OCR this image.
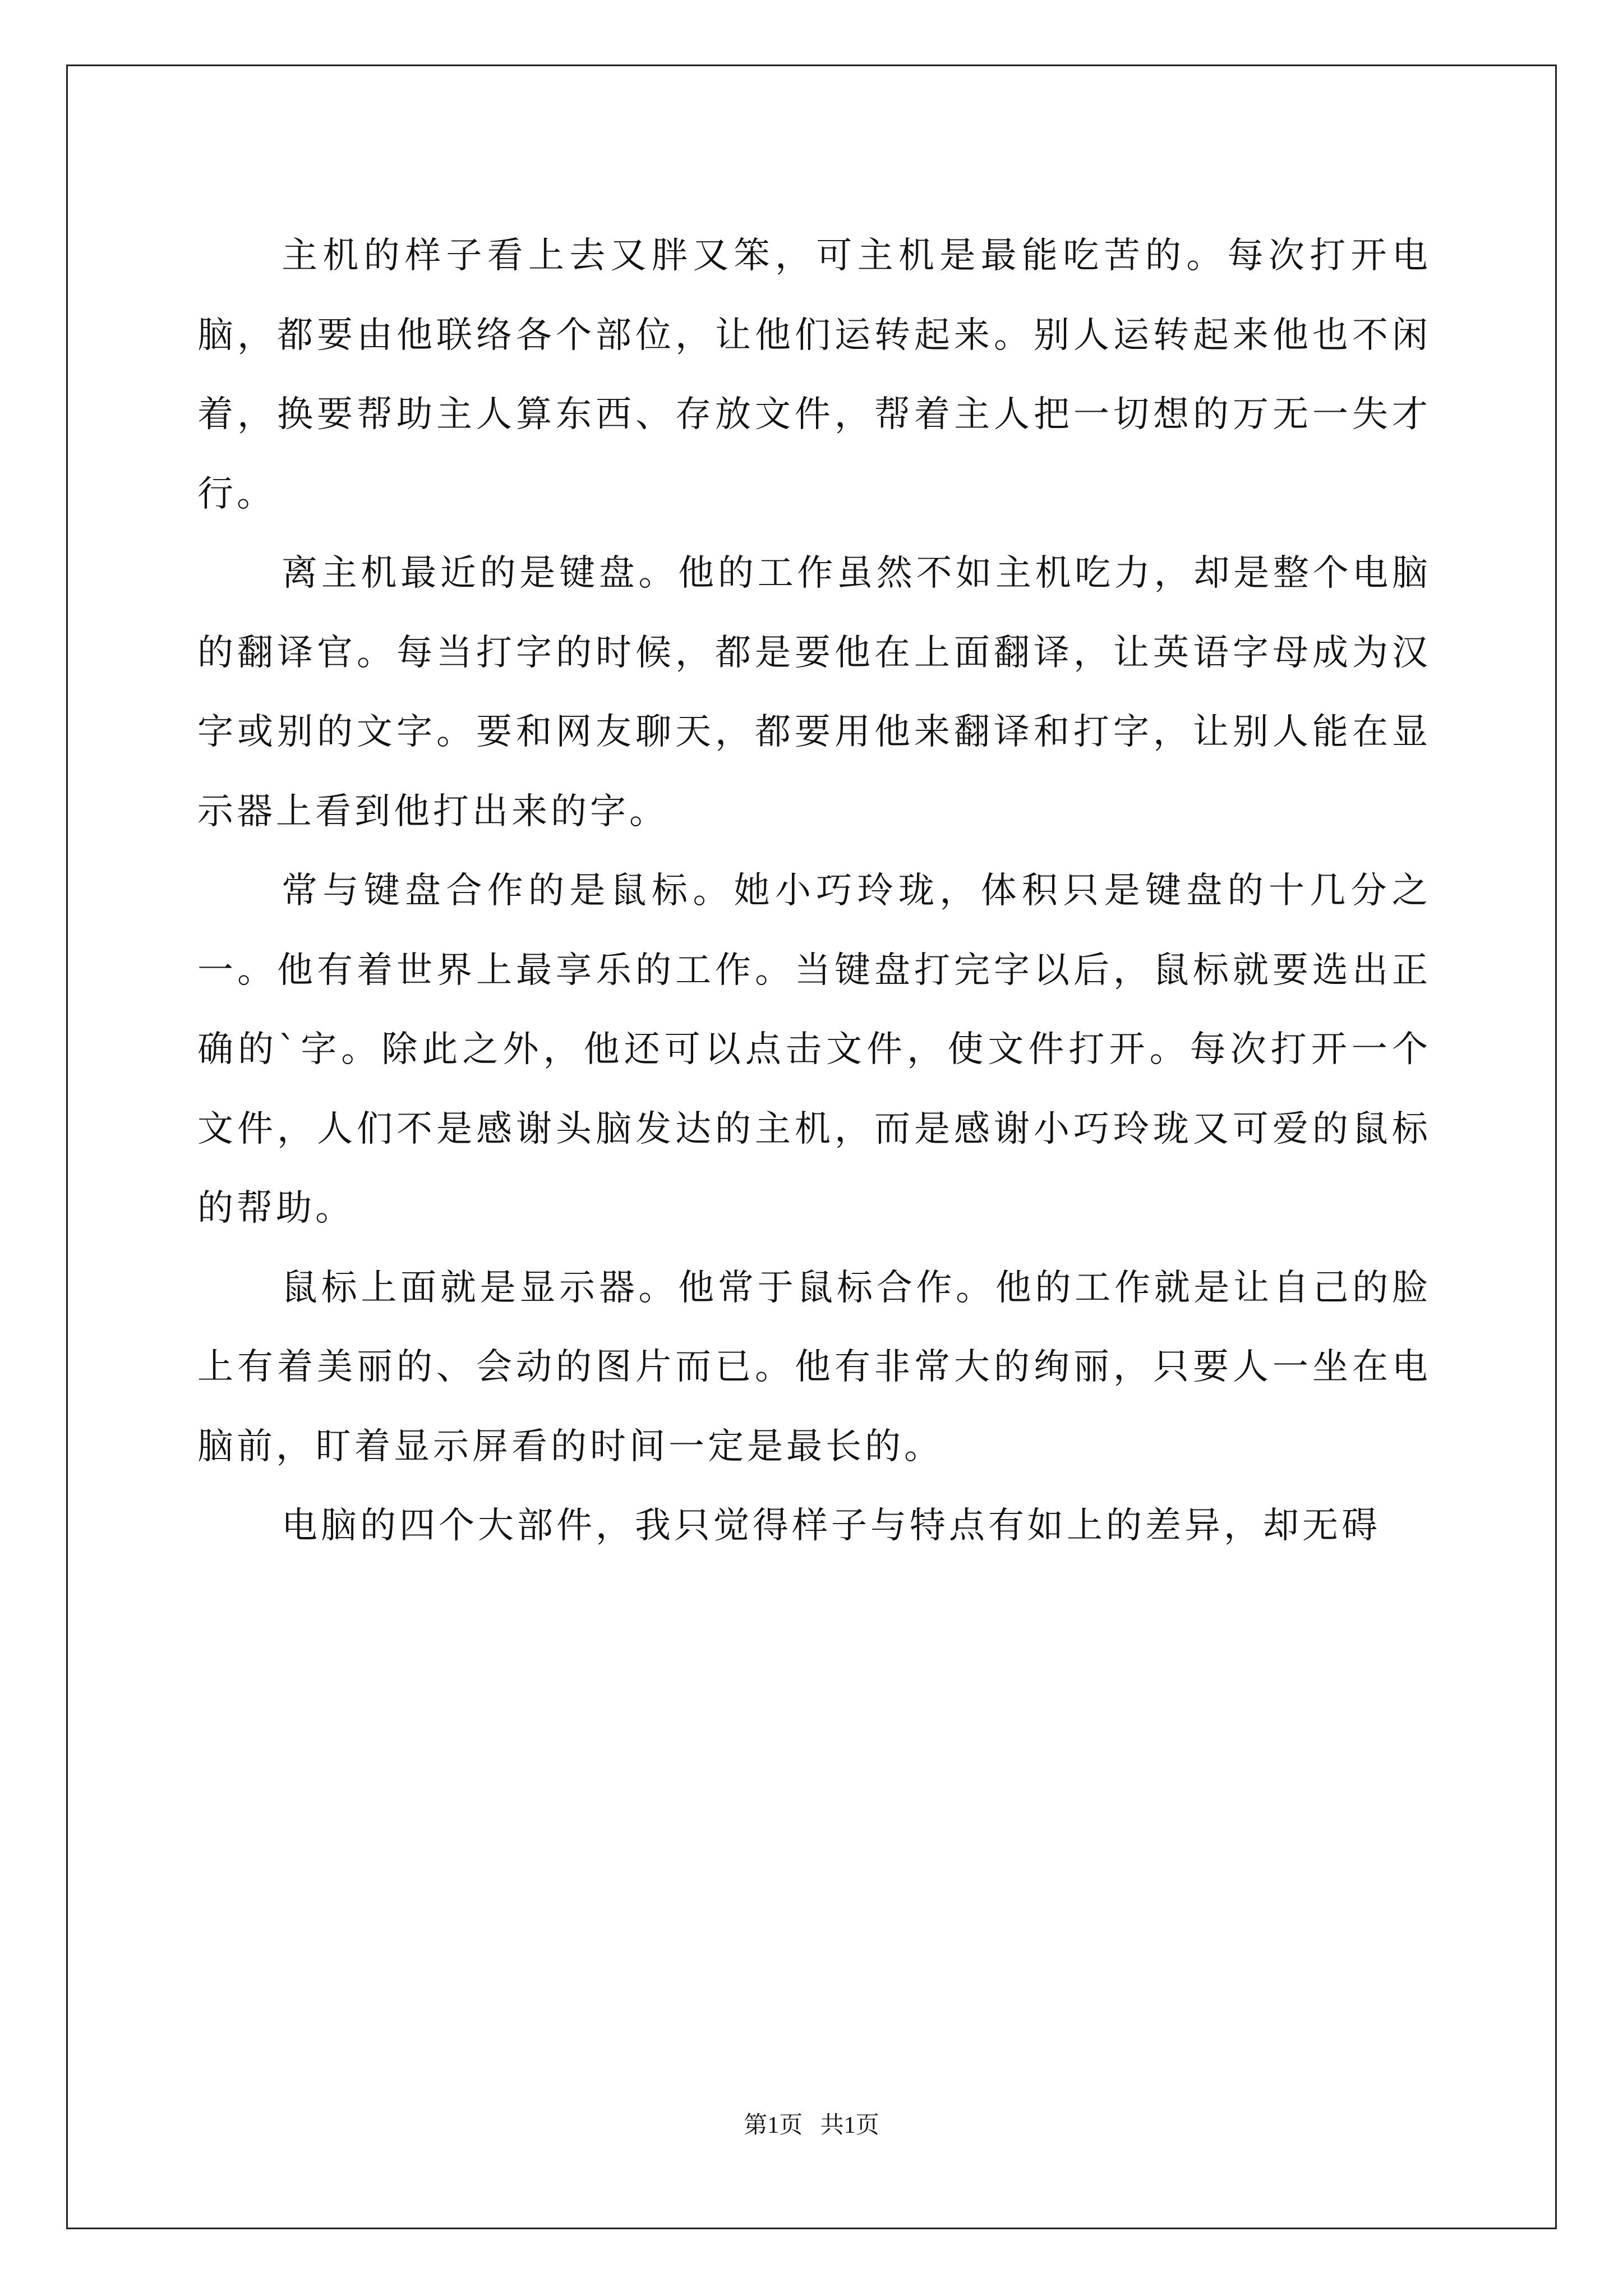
主机的样子看上去又胖又笨，可主机是最能吃苦的。每次打开电脑，都要由他联络各个部位，让他们运转起来。别人运转起来他也不闲着，换要帮助主人算东西、存放文件，帮着主人把一切想的万无一失才行。

离主机最近的是键盘。他的工作虽然不如主机吃力，却是整个电脑的翻译官。每当打字的时候，都是要他在上面翻译，让英语字母成为汉字或别的文字。要和网友聊天，都要用他来翻译和打字，让别人能在显示器上看到他打出来的字。

常与键盘合作的是鼠标。她小巧玲珑，体积只是键盘的十几分之一。他有着世界上最享乐的工作。当键盘打完字以后，鼠标就要选出正确的`字。除此之外，他还可以点击文件，使文件打开。每次打开一个文件，人们不是感谢头脑发达的主机，而是感谢小巧玲珑又可爱的鼠标的帮助。

鼠标上面就是显示器。他常于鼠标合作。他的工作就是让自己的脸上有着美丽的、会动的图片而已。他有非常大的绚丽，只要人一坐在电脑前，盯着显示屏看的时间一定是最长的。

电脑的四个大部件，我只觉得样子与特点有如上的差异，却无碍

第1页   共1页
